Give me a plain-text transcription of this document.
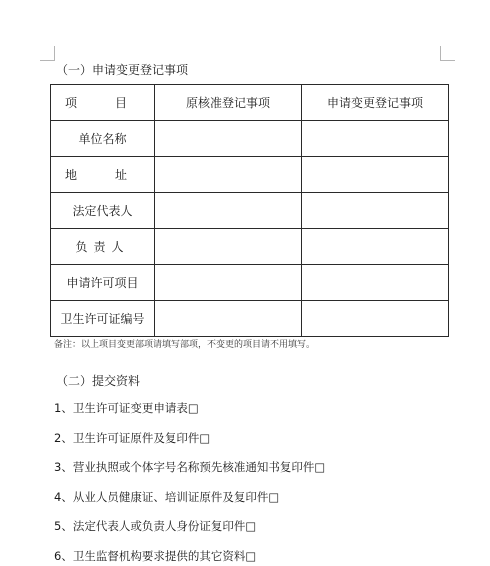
（一）申请变更登记事项
项　目	原核准登记事项	申请变更登记事项
单位名称		
地　址		
法定代表人		
负责人		
申请许可项目		
卫生许可证编号		
备注：以上项目变更部项请填写部项，不变更的项目请不用填写。
（二）提交资料
1、卫生许可证变更申请表□
2、卫生许可证原件及复印件□
3、营业执照或个体字号名称预先核准通知书复印件□
4、从业人员健康证、培训证原件及复印件□
5、法定代表人或负责人身份证复印件□
6、卫生监督机构要求提供的其它资料□
